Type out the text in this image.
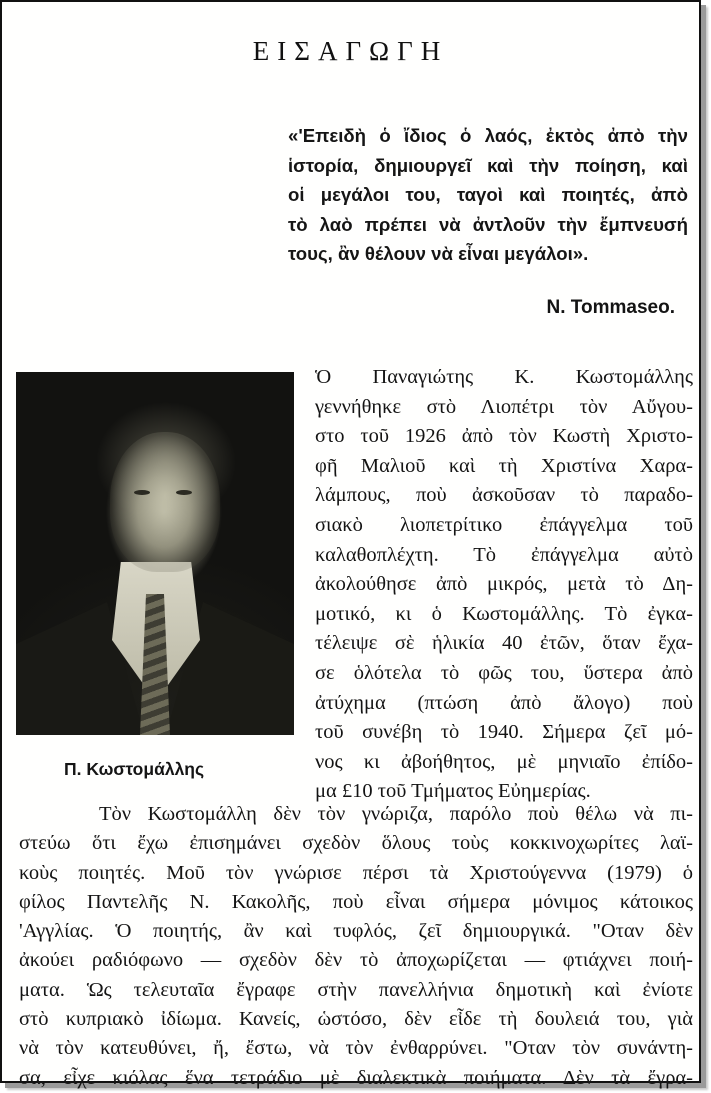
ΕΙΣΑΓΩΓΗ
«'Επειδὴ ὁ ἴδιος ὁ λαός, ἐκτὸς ἀπὸ τὴν
ἱστορία, δημιουργεῖ καὶ τὴν ποίηση, καὶ
οἱ μεγάλοι του, ταγοὶ καὶ ποιητές, ἀπὸ
τὸ λαὸ πρέπει νὰ ἀντλοῦν τὴν ἔμπνευσή
τους, ἂν θέλουν νὰ εἶναι μεγάλοι».
N. Tommaseo.
Π. Κωστομάλλης
Ὁ Παναγιώτης Κ. Κωστομάλλης
γεννήθηκε στὸ Λιοπέτρι τὸν Αὔγου-
στο τοῦ 1926 ἀπὸ τὸν Κωστὴ Χριστο-
φῆ Μαλιοῦ καὶ τὴ Χριστίνα Χαρα-
λάμπους, ποὺ ἀσκοῦσαν τὸ παραδο-
σιακὸ λιοπετρίτικο ἐπάγγελμα τοῦ
καλαθοπλέχτη. Τὸ ἐπάγγελμα αὐτὸ
ἀκολούθησε ἀπὸ μικρός, μετὰ τὸ Δη-
μοτικό, κι ὁ Κωστομάλλης. Τὸ ἐγκα-
τέλειψε σὲ ἡλικία 40 ἐτῶν, ὅταν ἔχα-
σε ὁλότελα τὸ φῶς του, ὕστερα ἀπὸ
ἀτύχημα (πτώση ἀπὸ ἄλογο) ποὺ
τοῦ συνέβη τὸ 1940. Σήμερα ζεῖ μό-
νος κι ἀβοήθητος, μὲ μηνιαῖο ἐπίδο-
μα £10 τοῦ Τμήματος Εὐημερίας.
Τὸν Κωστομάλλη δὲν τὸν γνώριζα, παρόλο ποὺ θέλω νὰ πι-
στεύω ὅτι ἔχω ἐπισημάνει σχεδὸν ὅλους τοὺς κοκκινοχωρίτες λαϊ-
κοὺς ποιητές. Μοῦ τὸν γνώρισε πέρσι τὰ Χριστούγεννα (1979) ὁ
φίλος Παντελῆς Ν. Κακολῆς, ποὺ εἶναι σήμερα μόνιμος κάτοικος
'Αγγλίας. Ὁ ποιητής, ἂν καὶ τυφλός, ζεῖ δημιουργικά. "Οταν δὲν
ἀκούει ραδιόφωνο — σχεδὸν δὲν τὸ ἀποχωρίζεται — φτιάχνει ποιή-
ματα. Ὡς τελευταῖα ἔγραφε στὴν πανελλήνια δημοτικὴ καὶ ἐνίοτε
στὸ κυπριακὸ ἰδίωμα. Κανείς, ὡστόσο, δὲν εἶδε τὴ δουλειά του, γιὰ
νὰ τὸν κατευθύνει, ἤ, ἔστω, νὰ τὸν ἐνθαρρύνει. "Οταν τὸν συνάντη-
σα, εἶχε κιόλας ἕνα τετράδιο μὲ διαλεκτικὰ ποιήματα. Δὲν τὰ ἔγρα-
